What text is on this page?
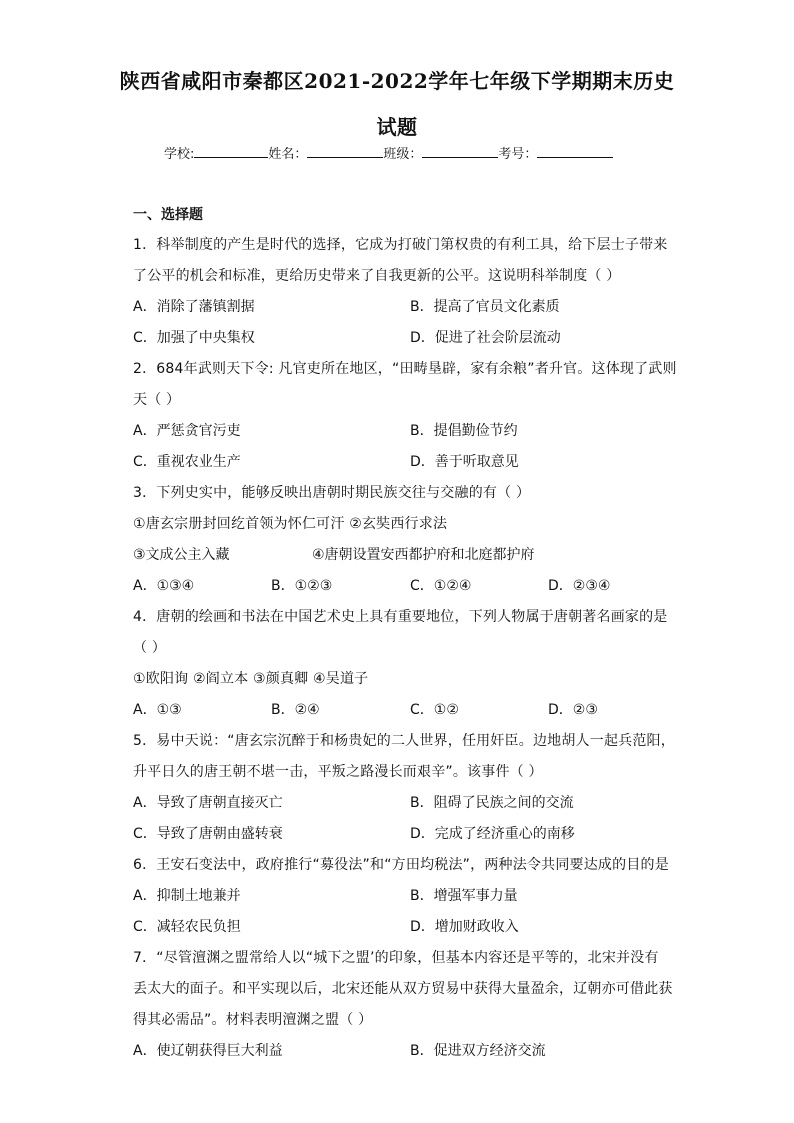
陕西省咸阳市秦都区2021-2022学年七年级下学期期末历史
试题
学校:	姓名：	班级：	考号：
一、选择题
1．科举制度的产生是时代的选择，它成为打破门第权贵的有利工具，给下层士子带来
了公平的机会和标准，更给历史带来了自我更新的公平。这说明科举制度（ ）
A．消除了藩镇割据	B．提高了官员文化素质
C．加强了中央集权	D．促进了社会阶层流动
2．684年武则天下令: 凡官吏所在地区，“田畴垦辟，家有余粮”者升官。这体现了武则
天（ ）
A．严惩贪官污吏	B．提倡勤俭节约
C．重视农业生产	D．善于听取意见
3．下列史实中，能够反映出唐朝时期民族交往与交融的有（ ）
①唐玄宗册封回纥首领为怀仁可汗 ②玄奘西行求法
③文成公主入藏	④唐朝设置安西都护府和北庭都护府
A．①③④	B．①②③	C．①②④	D．②③④
4．唐朝的绘画和书法在中国艺术史上具有重要地位，下列人物属于唐朝著名画家的是
（ ）
①欧阳询 ②阎立本 ③颜真卿 ④吴道子
A．①③	B．②④	C．①②	D．②③
5．易中天说：“唐玄宗沉醉于和杨贵妃的二人世界，任用奸臣。边地胡人一起兵范阳，
升平日久的唐王朝不堪一击，平叛之路漫长而艰辛”。该事件（ ）
A．导致了唐朝直接灭亡	B．阻碍了民族之间的交流
C．导致了唐朝由盛转衰	D．完成了经济重心的南移
6．王安石变法中，政府推行“募役法”和“方田均税法”，两种法令共同要达成的目的是
A．抑制土地兼并	B．增强军事力量
C．减轻农民负担	D．增加财政收入
7．“尽管澶渊之盟常给人以“城下之盟’的印象，但基本内容还是平等的，北宋并没有
丢太大的面子。和平实现以后，北宋还能从双方贸易中获得大量盈余，辽朝亦可借此获
得其必需品”。材料表明澶渊之盟（ ）
A．使辽朝获得巨大利益	B．促进双方经济交流
